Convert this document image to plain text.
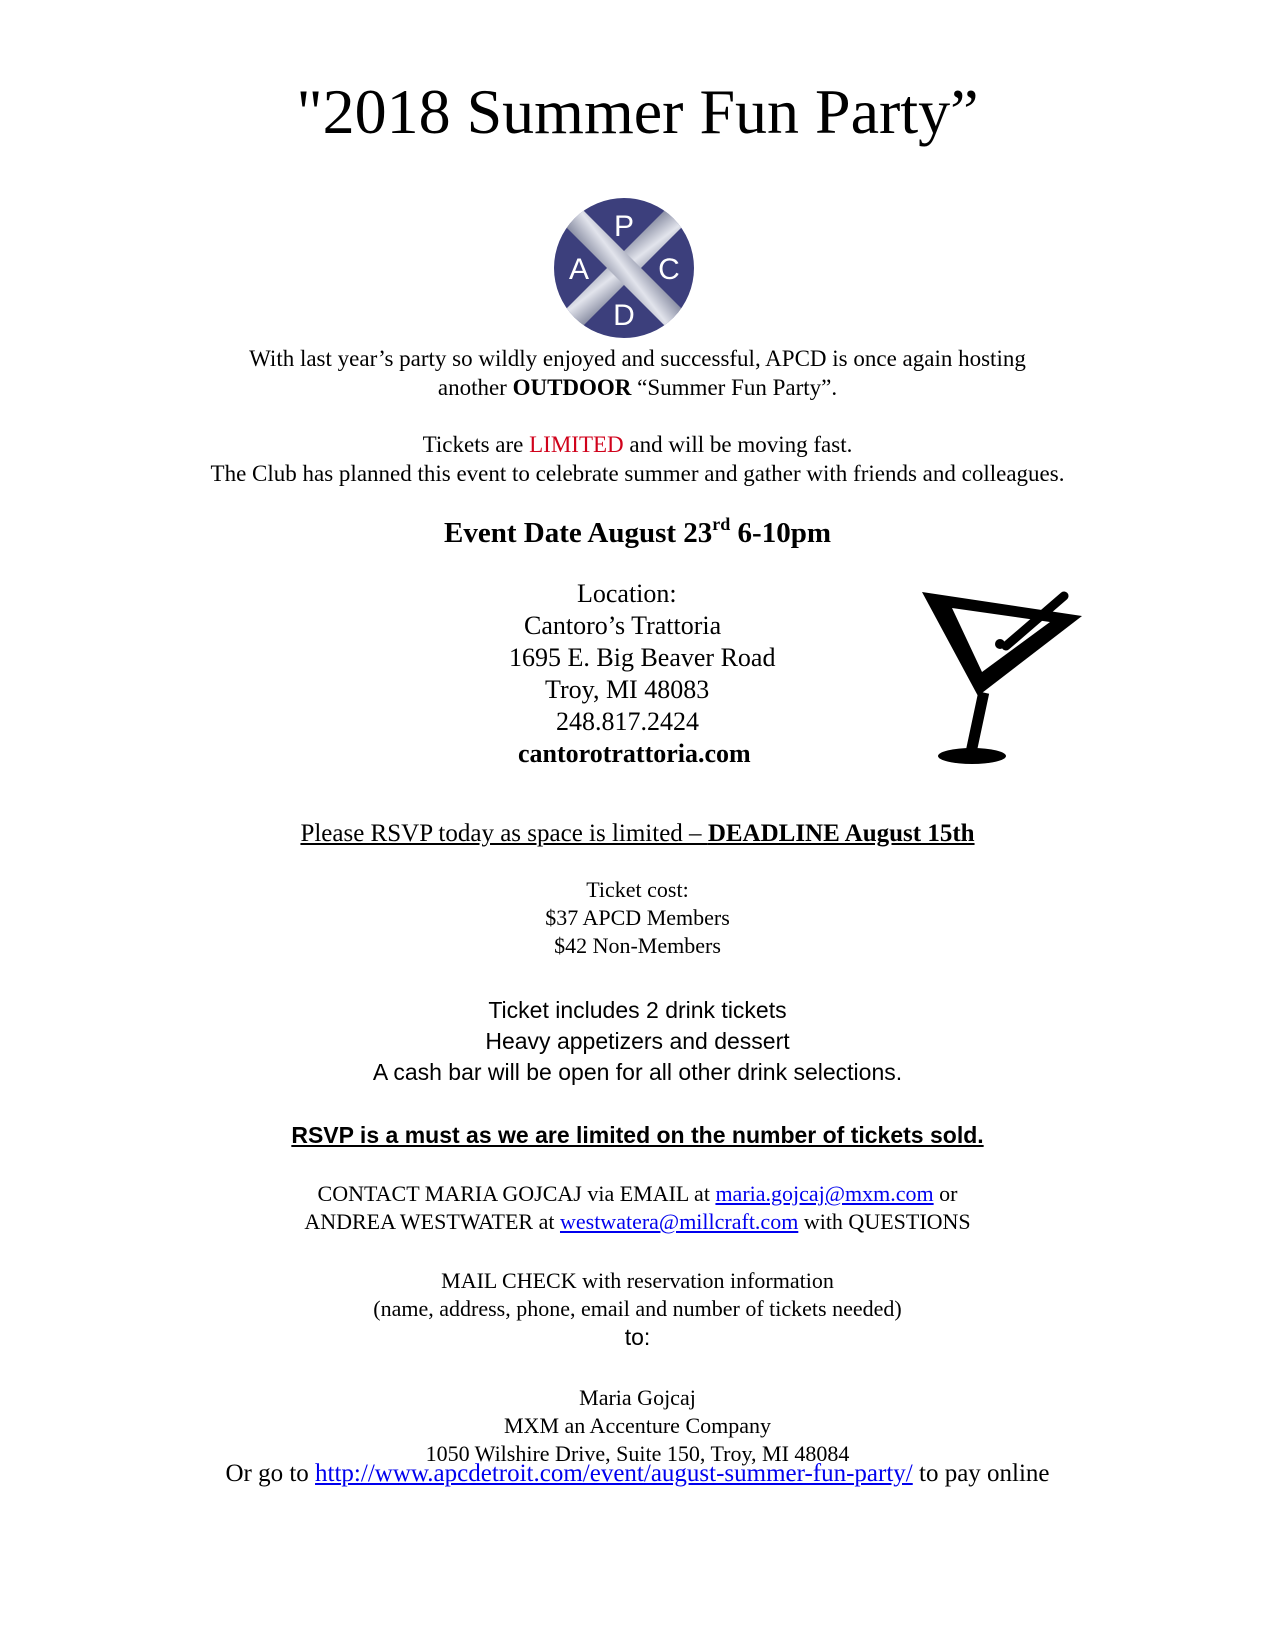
"2018 Summer Fun Party”
P
A C
D
With last year’s party so wildly enjoyed and successful, APCD is once again hosting
another OUTDOOR “Summer Fun Party”.
Tickets are LIMITED and will be moving fast.
The Club has planned this event to celebrate summer and gather with friends and colleagues.
Event Date August 23rd 6-10pm
Location:
Cantoro’s Trattoria
1695 E. Big Beaver Road
Troy, MI 48083
248.817.2424
cantorotrattoria.com
Please RSVP today as space is limited – DEADLINE August 15th
Ticket cost:
$37 APCD Members
$42 Non-Members
Ticket includes 2 drink tickets
Heavy appetizers and dessert
A cash bar will be open for all other drink selections.
RSVP is a must as we are limited on the number of tickets sold.
CONTACT MARIA GOJCAJ via EMAIL at maria.gojcaj@mxm.com or
ANDREA WESTWATER at westwatera@millcraft.com with QUESTIONS
MAIL CHECK with reservation information
(name, address, phone, email and number of tickets needed)
to:
Maria Gojcaj
MXM an Accenture Company
1050 Wilshire Drive, Suite 150, Troy, MI 48084
Or go to http://www.apcdetroit.com/event/august-summer-fun-party/ to pay online
